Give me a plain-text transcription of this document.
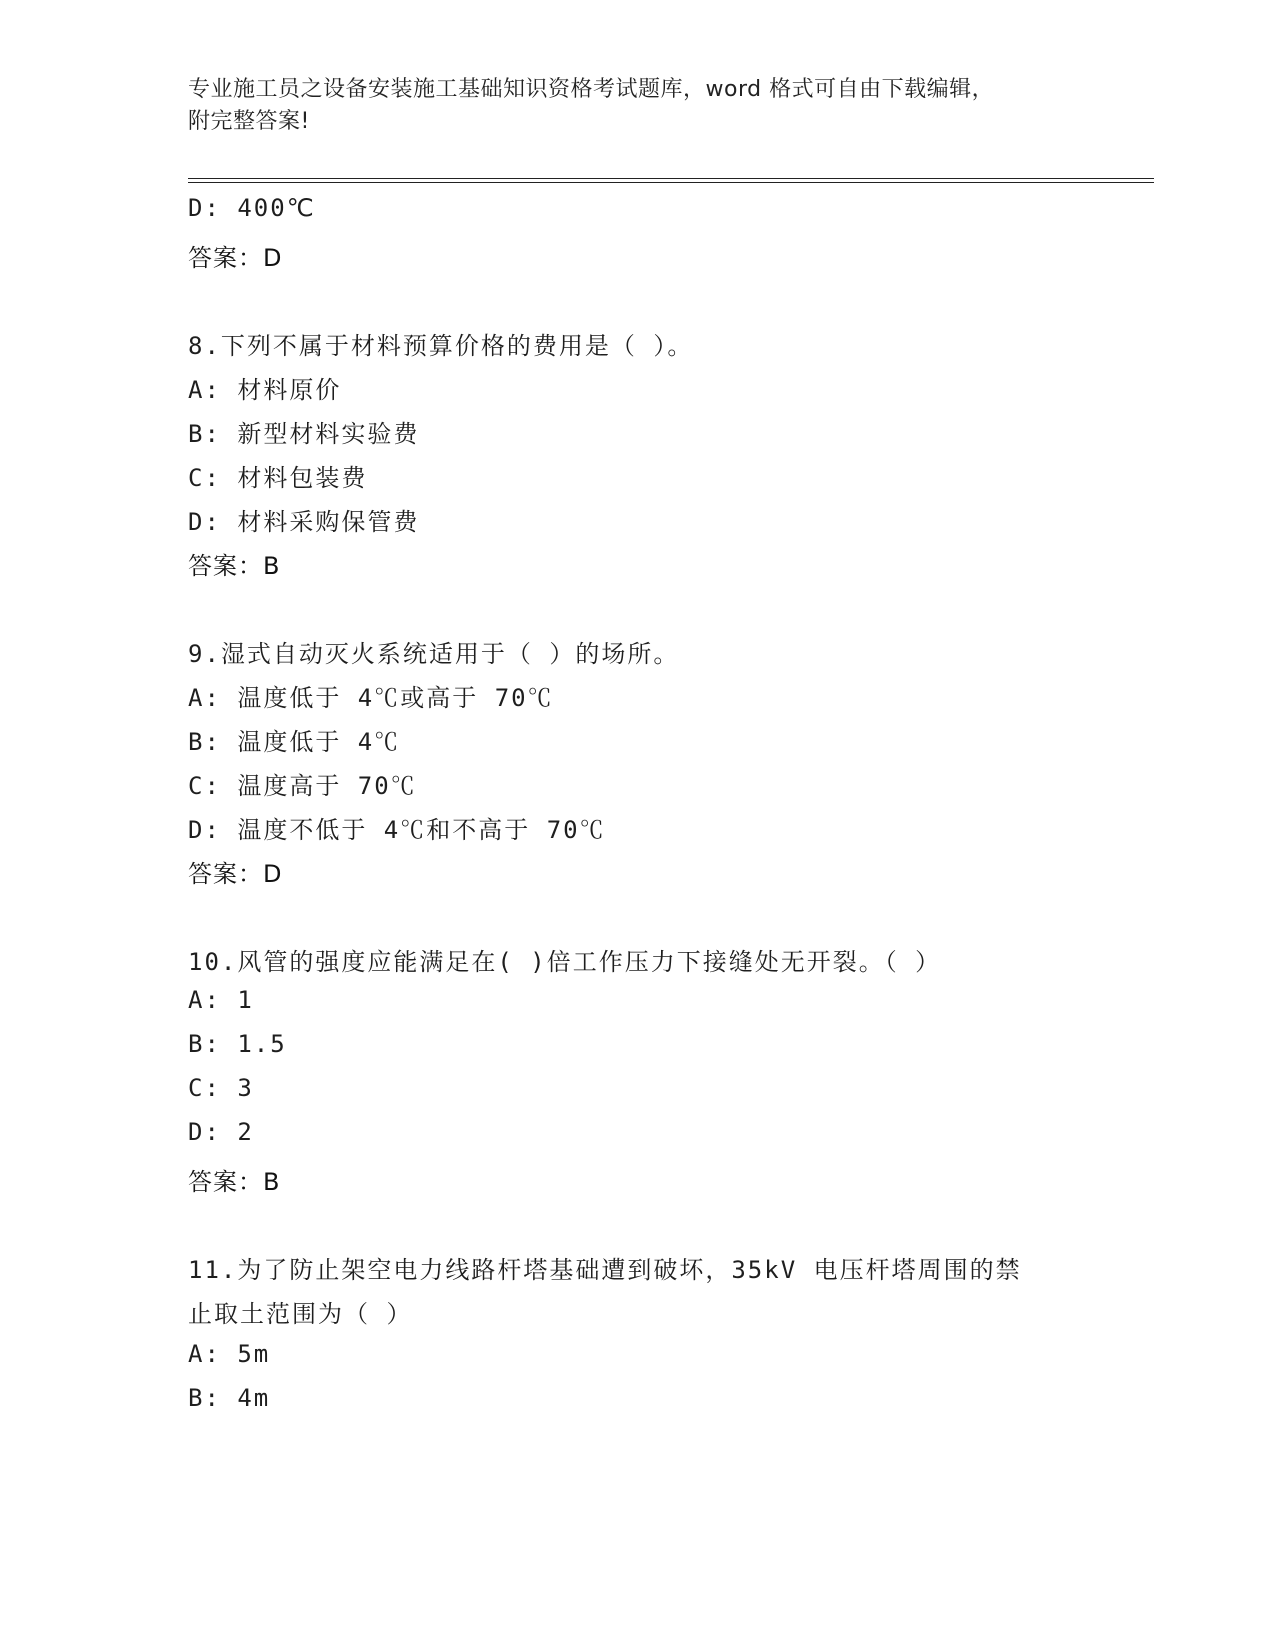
专业施工员之设备安装施工基础知识资格考试题库，word 格式可自由下载编辑，
附完整答案!
D: 400℃
答案：D
8.下列不属于材料预算价格的费用是（ ）。
A: 材料原价
B: 新型材料实验费
C: 材料包装费
D: 材料采购保管费
答案：B
9.湿式自动灭火系统适用于（ ）的场所。
A: 温度低于 4℃或高于 70℃
B: 温度低于 4℃
C: 温度高于 70℃
D: 温度不低于 4℃和不高于 70℃
答案：D
10.风管的强度应能满足在( )倍工作压力下接缝处无开裂。（ ）
A: 1
B: 1.5
C: 3
D: 2
答案：B
11.为了防止架空电力线路杆塔基础遭到破坏，35kV 电压杆塔周围的禁
止取土范围为（ ）
A: 5m
B: 4m
